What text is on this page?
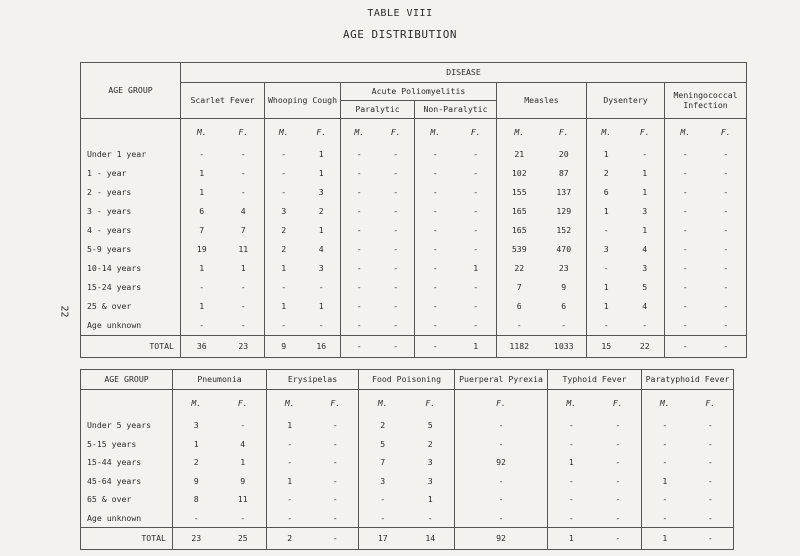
TABLE VIII
AGE DISTRIBUTION
22
AGE GROUP	DISEASE													
	Scarlet Fever		Whooping Cough		Acute Poliomyelitis				Measles		Dysentery		Meningococcal Infection	
					Paralytic		Non-Paralytic							
	M.	F.	M.	F.	M.	F.	M.	F.	M.	F.	M.	F.	M.	F.
Under 1 year	-	-	-	1	-	-	-	-	21	20	1	-	-	-
1 - year	1	-	-	1	-	-	-	-	102	87	2	1	-	-
2 - years	1	-	-	3	-	-	-	-	155	137	6	1	-	-
3 - years	6	4	3	2	-	-	-	-	165	129	1	3	-	-
4 - years	7	7	2	1	-	-	-	-	165	152	-	1	-	-
5-9 years	19	11	2	4	-	-	-	-	539	470	3	4	-	-
10-14 years	1	1	1	3	-	-	-	1	22	23	-	3	-	-
15-24 years	-	-	-	-	-	-	-	-	7	9	1	5	-	-
25 & over	1	-	1	1	-	-	-	-	6	6	1	4	-	-
Age unknown	-	-	-	-	-	-	-	-	-	-	-	-	-	-
TOTAL	36	23	9	16	-	-	-	1	1182	1033	15	22	-	-
AGE GROUP	Pneumonia		Erysipelas		Food Poisoning		Puerperal Pyrexia	Typhoid Fever		Paratyphoid Fever	
	M.	F.	M.	F.	M.	F.	F.	M.	F.	M.	F.
Under 5 years	3	-	1	-	2	5	-	-	-	-	-
5-15 years	1	4	-	-	5	2	-	-	-	-	-
15-44 years	2	1	-	-	7	3	92	1	-	-	-
45-64 years	9	9	1	-	3	3	-	-	-	1	-
65 & over	8	11	-	-	-	1	-	-	-	-	-
Age unknown	-	-	-	-	-	-	-	-	-	-	-
TOTAL	23	25	2	-	17	14	92	1	-	1	-
